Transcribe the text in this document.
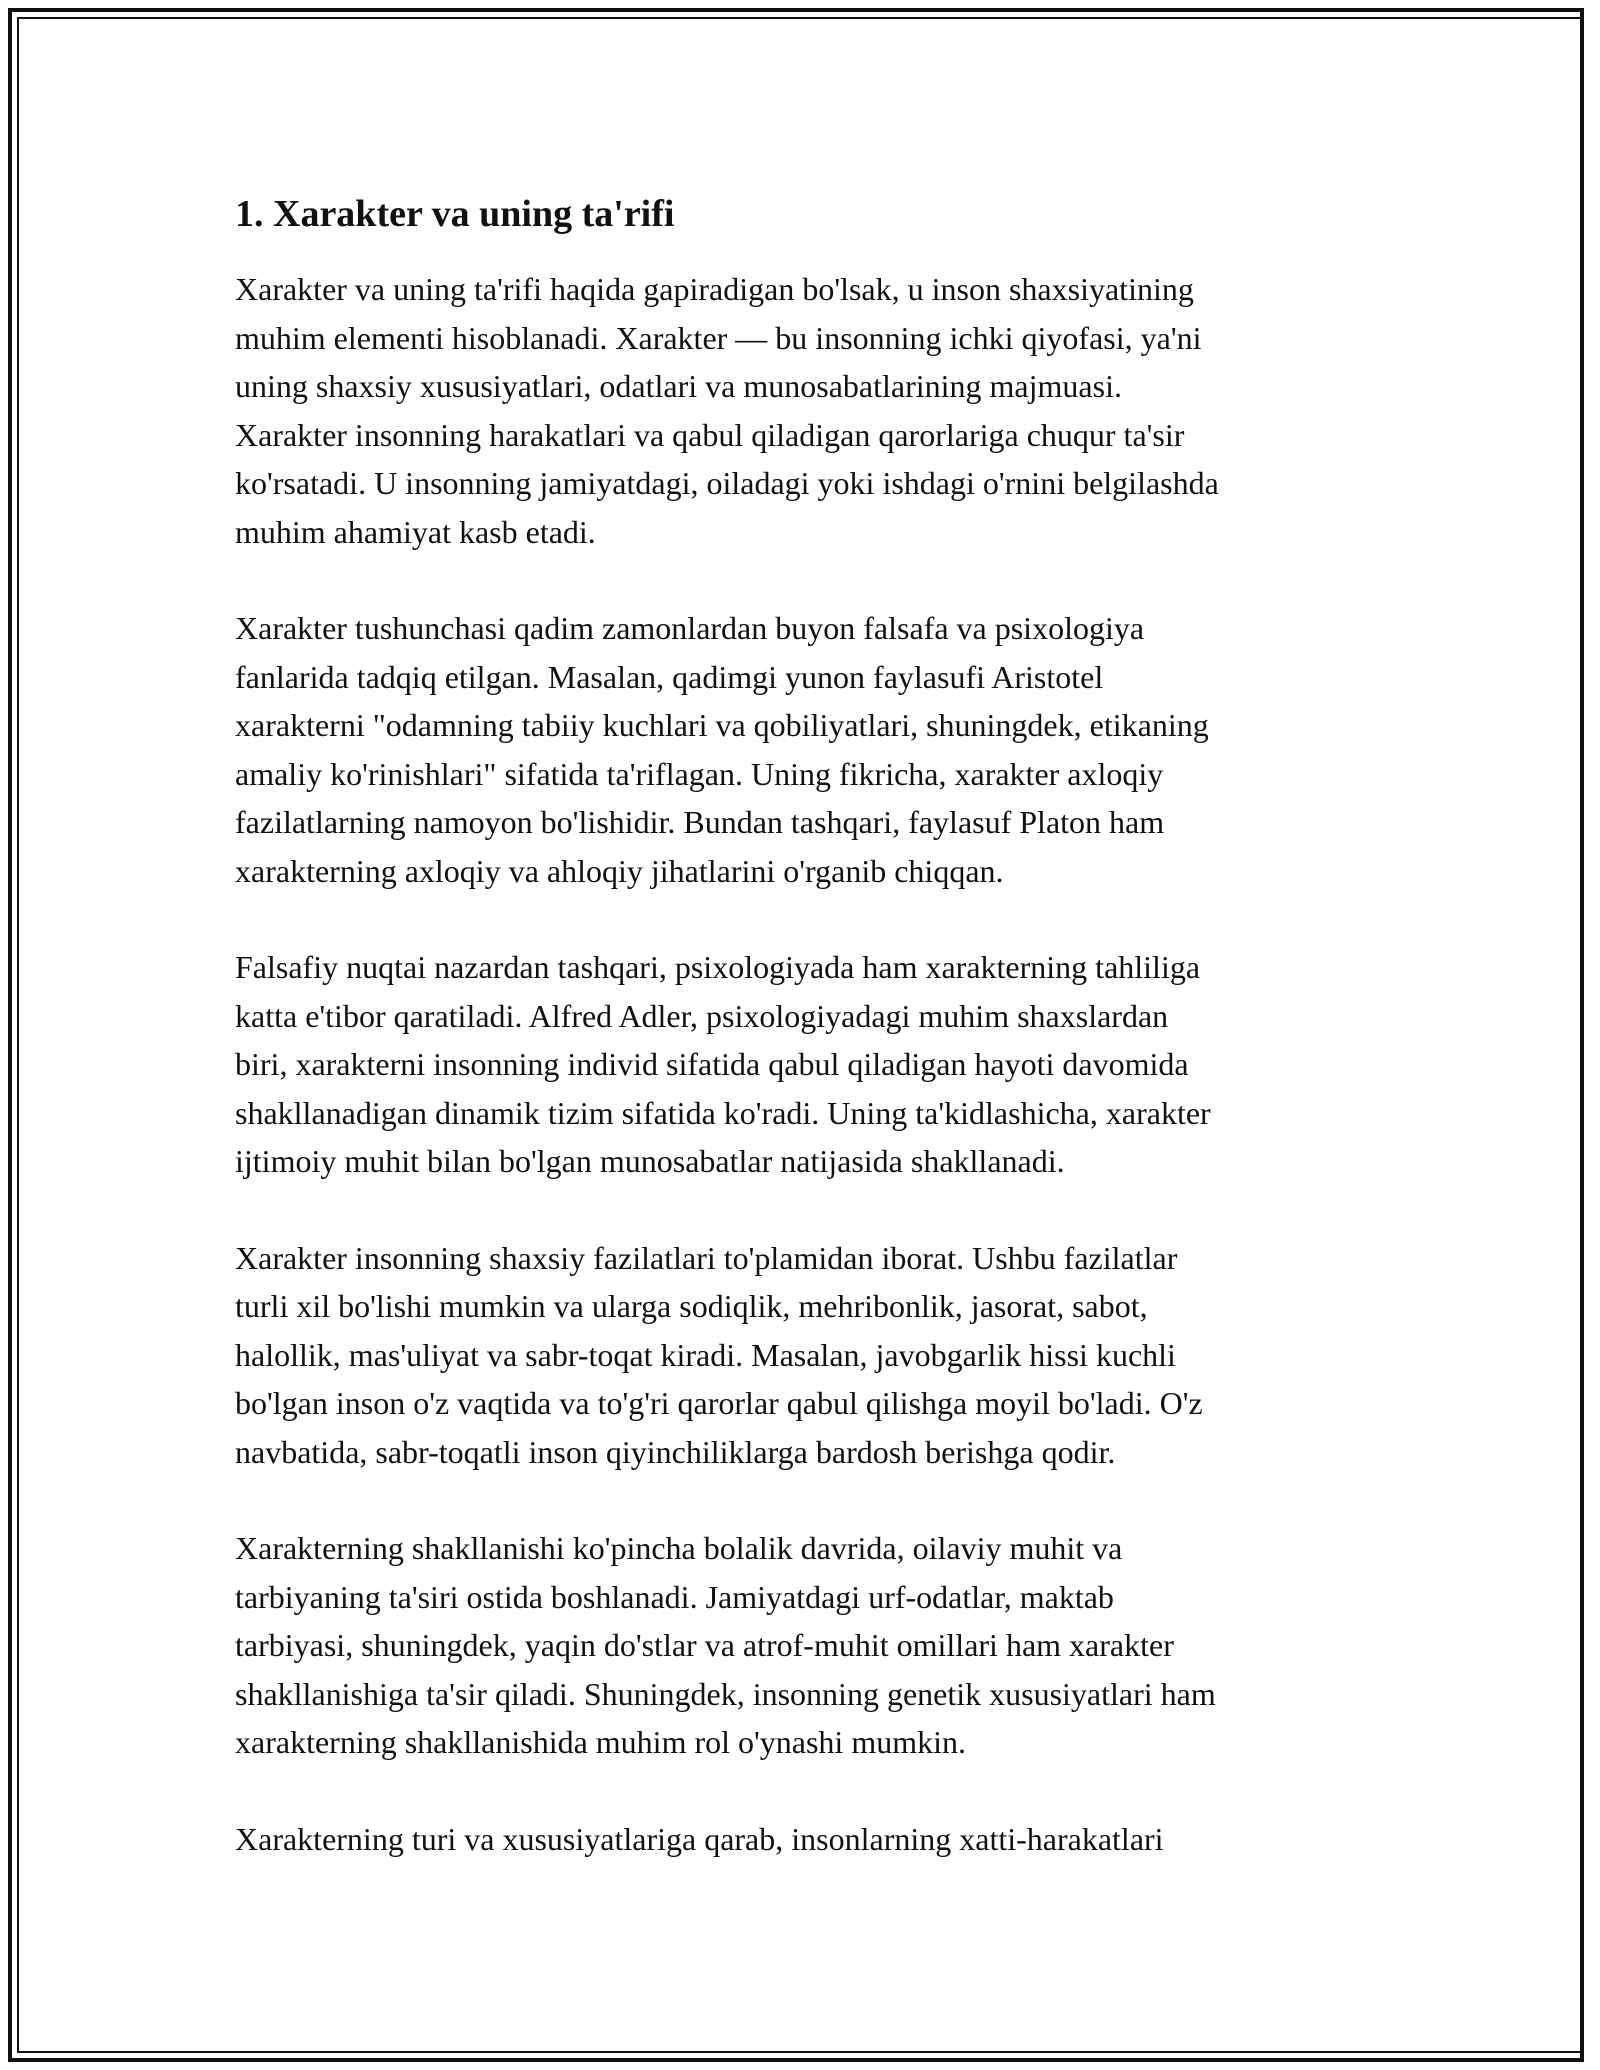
1. Xarakter va uning ta'rifi

Xarakter va uning ta'rifi haqida gapiradigan bo'lsak, u inson shaxsiyatining
muhim elementi hisoblanadi. Xarakter — bu insonning ichki qiyofasi, ya'ni
uning shaxsiy xususiyatlari, odatlari va munosabatlarining majmuasi.
Xarakter insonning harakatlari va qabul qiladigan qarorlariga chuqur ta'sir
ko'rsatadi. U insonning jamiyatdagi, oiladagi yoki ishdagi o'rnini belgilashda
muhim ahamiyat kasb etadi.

Xarakter tushunchasi qadim zamonlardan buyon falsafa va psixologiya
fanlarida tadqiq etilgan. Masalan, qadimgi yunon faylasufi Aristotel
xarakterni "odamning tabiiy kuchlari va qobiliyatlari, shuningdek, etikaning
amaliy ko'rinishlari" sifatida ta'riflagan. Uning fikricha, xarakter axloqiy
fazilatlarning namoyon bo'lishidir. Bundan tashqari, faylasuf Platon ham
xarakterning axloqiy va ahloqiy jihatlarini o'rganib chiqqan.

Falsafiy nuqtai nazardan tashqari, psixologiyada ham xarakterning tahliliga
katta e'tibor qaratiladi. Alfred Adler, psixologiyadagi muhim shaxslardan
biri, xarakterni insonning individ sifatida qabul qiladigan hayoti davomida
shakllanadigan dinamik tizim sifatida ko'radi. Uning ta'kidlashicha, xarakter
ijtimoiy muhit bilan bo'lgan munosabatlar natijasida shakllanadi.

Xarakter insonning shaxsiy fazilatlari to'plamidan iborat. Ushbu fazilatlar
turli xil bo'lishi mumkin va ularga sodiqlik, mehribonlik, jasorat, sabot,
halollik, mas'uliyat va sabr-toqat kiradi. Masalan, javobgarlik hissi kuchli
bo'lgan inson o'z vaqtida va to'g'ri qarorlar qabul qilishga moyil bo'ladi. O'z
navbatida, sabr-toqatli inson qiyinchiliklarga bardosh berishga qodir.

Xarakterning shakllanishi ko'pincha bolalik davrida, oilaviy muhit va
tarbiyaning ta'siri ostida boshlanadi. Jamiyatdagi urf-odatlar, maktab
tarbiyasi, shuningdek, yaqin do'stlar va atrof-muhit omillari ham xarakter
shakllanishiga ta'sir qiladi. Shuningdek, insonning genetik xususiyatlari ham
xarakterning shakllanishida muhim rol o'ynashi mumkin.

Xarakterning turi va xususiyatlariga qarab, insonlarning xatti-harakatlari
